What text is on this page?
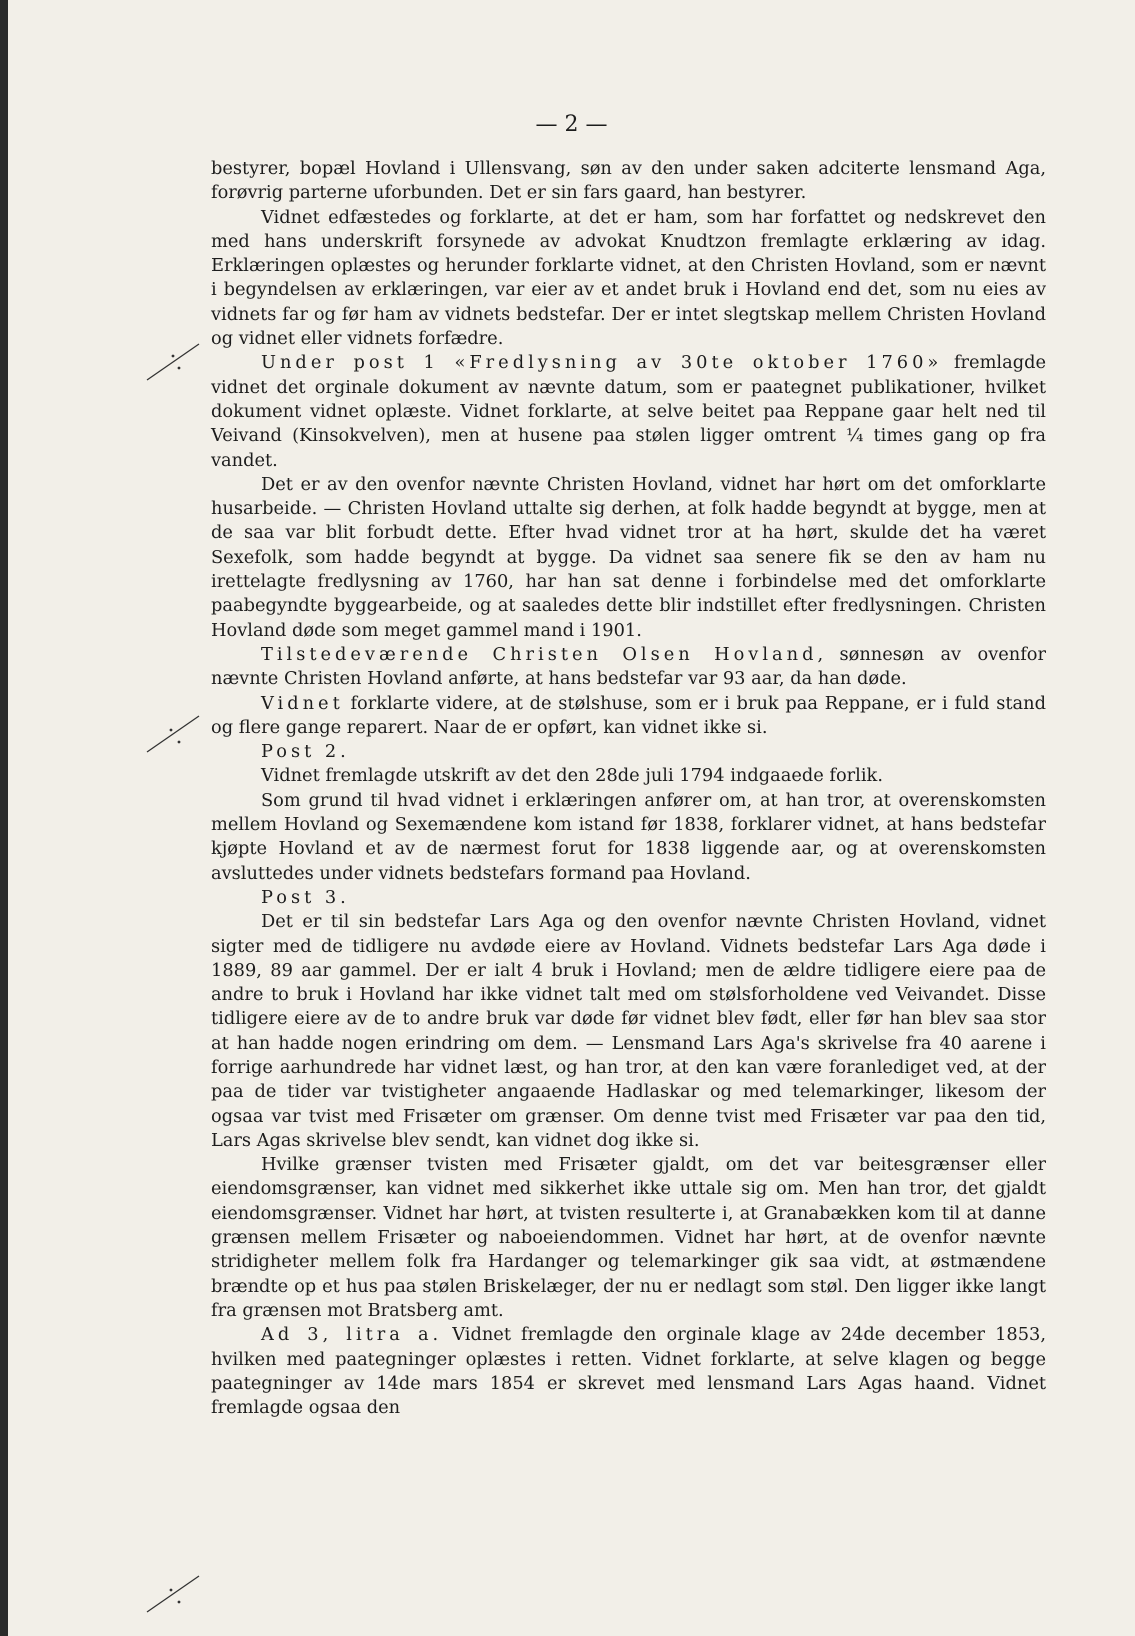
— 2 —

bestyrer, bopæl Hovland i Ullensvang, søn av den under saken adciterte lensmand Aga, forøvrig parterne uforbunden. Det er sin fars gaard, han bestyrer.

Vidnet edfæstedes og forklarte, at det er ham, som har forfattet og nedskrevet den med hans underskrift forsynede av advokat Knudtzon fremlagte erklæring av idag. Erklæringen oplæstes og herunder forklarte vidnet, at den Christen Hovland, som er nævnt i begyndelsen av erklæringen, var eier av et andet bruk i Hovland end det, som nu eies av vidnets far og før ham av vidnets bedstefar. Der er intet slegtskap mellem Christen Hovland og vidnet eller vidnets forfædre.

Under post 1 «Fredlysning av 30te oktober 1760» fremlagde vidnet det orginale dokument av nævnte datum, som er paategnet publikationer, hvilket dokument vidnet oplæste. Vidnet forklarte, at selve beitet paa Reppane gaar helt ned til Veivand (Kinsokvelven), men at husene paa stølen ligger omtrent ¼ times gang op fra vandet.

Det er av den ovenfor nævnte Christen Hovland, vidnet har hørt om det omforklarte husarbeide. — Christen Hovland uttalte sig derhen, at folk hadde begyndt at bygge, men at de saa var blit forbudt dette. Efter hvad vidnet tror at ha hørt, skulde det ha været Sexefolk, som hadde begyndt at bygge. Da vidnet saa senere fik se den av ham nu irettelagte fredlysning av 1760, har han sat denne i forbindelse med det omforklarte paabegyndte byggearbeide, og at saaledes dette blir indstillet efter fredlysningen. Christen Hovland døde som meget gammel mand i 1901.

Tilstedeværende Christen Olsen Hovland, sønnesøn av ovenfor nævnte Christen Hovland anførte, at hans bedstefar var 93 aar, da han døde.

Vidnet forklarte videre, at de stølshuse, som er i bruk paa Reppane, er i fuld stand og flere gange reparert. Naar de er opført, kan vidnet ikke si.

Post 2.

Vidnet fremlagde utskrift av det den 28de juli 1794 indgaaede forlik.

Som grund til hvad vidnet i erklæringen anfører om, at han tror, at overenskomsten mellem Hovland og Sexemændene kom istand før 1838, forklarer vidnet, at hans bedstefar kjøpte Hovland et av de nærmest forut for 1838 liggende aar, og at overenskomsten avsluttedes under vidnets bedstefars formand paa Hovland.

Post 3.

Det er til sin bedstefar Lars Aga og den ovenfor nævnte Christen Hovland, vidnet sigter med de tidligere nu avdøde eiere av Hovland. Vidnets bedstefar Lars Aga døde i 1889, 89 aar gammel. Der er ialt 4 bruk i Hovland; men de ældre tidligere eiere paa de andre to bruk i Hovland har ikke vidnet talt med om stølsforholdene ved Veivandet. Disse tidligere eiere av de to andre bruk var døde før vidnet blev født, eller før han blev saa stor at han hadde nogen erindring om dem. — Lensmand Lars Aga's skrivelse fra 40 aarene i forrige aarhundrede har vidnet læst, og han tror, at den kan være foranlediget ved, at der paa de tider var tvistigheter angaaende Hadlaskar og med telemarkinger, likesom der ogsaa var tvist med Frisæter om grænser. Om denne tvist med Frisæter var paa den tid, Lars Agas skrivelse blev sendt, kan vidnet dog ikke si.

Hvilke grænser tvisten med Frisæter gjaldt, om det var beitesgrænser eller eiendomsgrænser, kan vidnet med sikkerhet ikke uttale sig om. Men han tror, det gjaldt eiendomsgrænser. Vidnet har hørt, at tvisten resulterte i, at Granabækken kom til at danne grænsen mellem Frisæter og naboeiendommen. Vidnet har hørt, at de ovenfor nævnte stridigheter mellem folk fra Hardanger og telemarkinger gik saa vidt, at østmændene brændte op et hus paa stølen Briskelæger, der nu er nedlagt som støl. Den ligger ikke langt fra grænsen mot Bratsberg amt.

Ad 3, litra a. Vidnet fremlagde den orginale klage av 24de december 1853, hvilken med paategninger oplæstes i retten. Vidnet forklarte, at selve klagen og begge paategninger av 14de mars 1854 er skrevet med lensmand Lars Agas haand. Vidnet fremlagde ogsaa den
